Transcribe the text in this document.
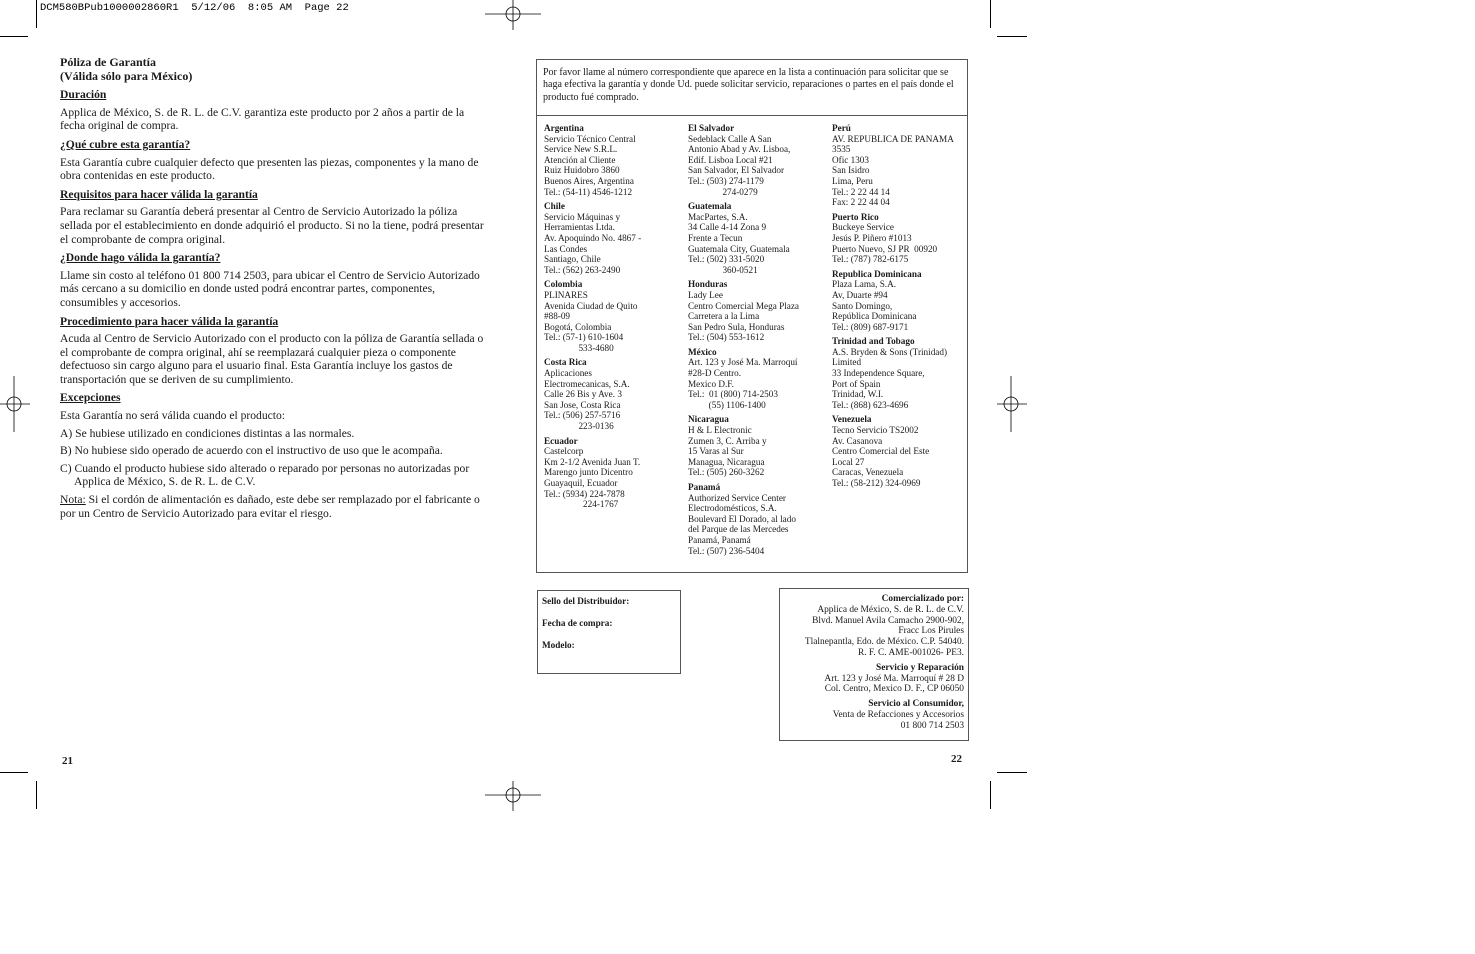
DCM580BPub1000002860R1  5/12/06  8:05 AM  Page 22

Póliza de Garantía

(Válida sólo para México)

Duración

Applica de México, S. de R. L. de C.V. garantiza este producto por 2 años a partir de la fecha original de compra.

¿Qué cubre esta garantía?

Esta Garantía cubre cualquier defecto que presenten las piezas, componentes y la mano de obra contenidas en este producto.

Requisitos para hacer válida la garantía

Para reclamar su Garantía deberá presentar al Centro de Servicio Autorizado la póliza sellada por el establecimiento en donde adquirió el producto. Si no la tiene, podrá presentar el comprobante de compra original.

¿Donde hago válida la garantía?

Llame sin costo al teléfono 01 800 714 2503, para ubicar el Centro de Servicio Autorizado más cercano a su domicilio en donde usted podrá encontrar partes, componentes, consumibles y accesorios.

Procedimiento para hacer válida la garantía

Acuda al Centro de Servicio Autorizado con el producto con la póliza de Garantía sellada o el comprobante de compra original, ahí se reemplazará cualquier pieza o componente defectuoso sin cargo alguno para el usuario final. Esta Garantía incluye los gastos de transportación que se deriven de su cumplimiento.

Excepciones

Esta Garantía no será válida cuando el producto:

A) Se hubiese utilizado en condiciones distintas a las normales.

B) No hubiese sido operado de acuerdo con el instructivo de uso que le acompaña.

C) Cuando el producto hubiese sido alterado o reparado por personas no autorizadas por Applica de México, S. de R. L. de C.V.

Nota: Si el cordón de alimentación es dañado, este debe ser remplazado por el fabricante o por un Centro de Servicio Autorizado para evitar el riesgo.

21
Por favor llame al número correspondiente que aparece en la lista a continuación para solicitar que se haga efectiva la garantía y donde Ud. puede solicitar servicio, reparaciones o partes en el país donde el producto fué comprado.
Argentina
Servicio Técnico Central
Service New S.R.L.
Atención al Cliente
Ruiz Huidobro 3860
Buenos Aires, Argentina
Tel.: (54-11) 4546-1212
Chile
Servicio Máquinas y
Herramientas Ltda.
Av. Apoquindo No. 4867 -
Las Condes
Santiago, Chile
Tel.: (562) 263-2490
Colombia
PLINARES
Avenida Ciudad de Quito
#88-09
Bogotá, Colombia
Tel.: (57-1) 610-1604
533-4680
Costa Rica
Aplicaciones
Electromecanicas, S.A.
Calle 26 Bis y Ave. 3
San Jose, Costa Rica
Tel.: (506) 257-5716
223-0136
Ecuador
Castelcorp
Km 2-1/2 Avenida Juan T.
Marengo junto Dicentro
Guayaquil, Ecuador
Tel.: (5934) 224-7878
224-1767
El Salvador
Sedeblack Calle A San
Antonio Abad y Av. Lisboa,
Edif. Lisboa Local #21
San Salvador, El Salvador
Tel.: (503) 274-1179
274-0279
Guatemala
MacPartes, S.A.
34 Calle 4-14 Zona 9
Frente a Tecun
Guatemala City, Guatemala
Tel.: (502) 331-5020
360-0521
Honduras
Lady Lee
Centro Comercial Mega Plaza
Carretera a la Lima
San Pedro Sula, Honduras
Tel.: (504) 553-1612
México
Art. 123 y José Ma. Marroquí
#28-D Centro.
Mexico D.F.
Tel.:  01 (800) 714-2503
(55) 1106-1400
Nicaragua
H & L Electronic
Zumen 3, C. Arriba y
15 Varas al Sur
Managua, Nicaragua
Tel.: (505) 260-3262
Panamá
Authorized Service Center
Electrodomésticos, S.A.
Boulevard El Dorado, al lado
del Parque de las Mercedes
Panamá, Panamá
Tel.: (507) 236-5404
Perú
AV. REPUBLICA DE PANAMA
3535
Ofic 1303
San Isidro
Lima, Peru
Tel.: 2 22 44 14
Fax: 2 22 44 04
Puerto Rico
Buckeye Service
Jesús P. Piñero #1013
Puerto Nuevo, SJ PR  00920
Tel.: (787) 782-6175
Republica Dominicana
Plaza Lama, S.A.
Av, Duarte #94
Santo Domingo,
República Dominicana
Tel.: (809) 687-9171
Trinidad and Tobago
A.S. Bryden & Sons (Trinidad)
Limited
33 Independence Square,
Port of Spain
Trinidad, W.I.
Tel.: (868) 623-4696
Venezuela
Tecno Servicio TS2002
Av. Casanova
Centro Comercial del Este
Local 27
Caracas, Venezuela
Tel.: (58-212) 324-0969
Sello del Distribuidor:
Fecha de compra:
Modelo:
Comercializado por:
Applica de México, S. de R. L. de C.V.
Blvd. Manuel Avila Camacho 2900-902,
Fracc Los Pirules
Tlalnepantla, Edo. de México. C.P. 54040.
R. F. C. AME-001026- PE3.
Servicio y Reparación
Art. 123 y José Ma. Marroquí # 28 D
Col. Centro, Mexico D. F., CP 06050
Servicio al Consumidor,
Venta de Refacciones y Accesorios
01 800 714 2503
22
